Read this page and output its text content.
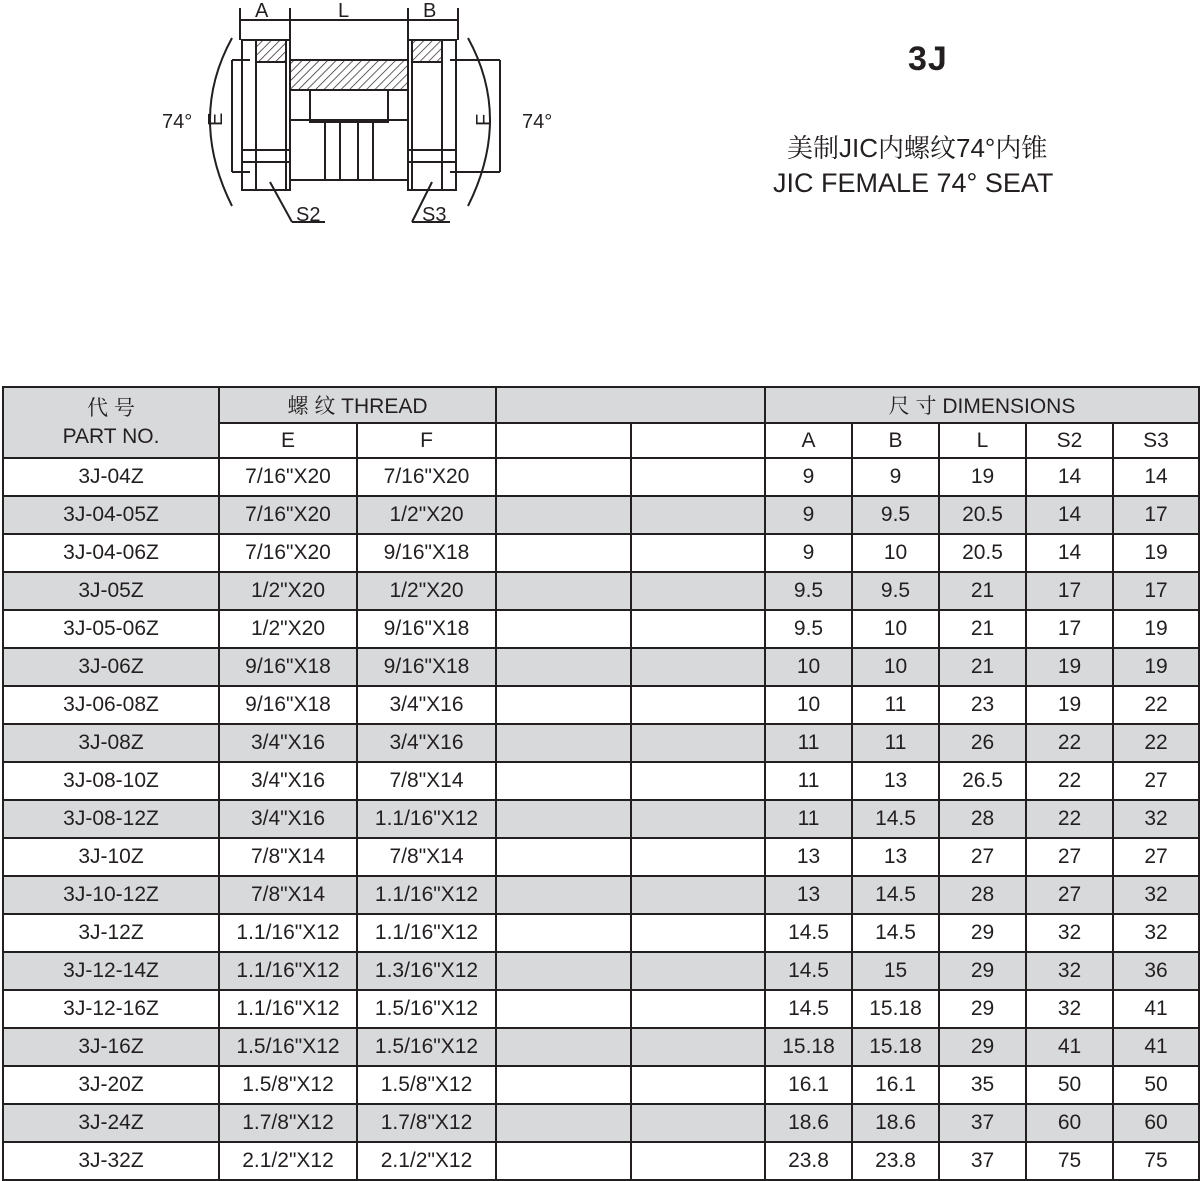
A	L	B
74°	74°
S2	S3
E	F
3J
美制JIC内螺纹74°内锥
JIC FEMALE 74° SEAT
代 号
PART NO.	螺 纹 THREAD				尺 寸 DIMENSIONS				
	E	F			A	B	L	S2	S3
3J-04Z	7/16"X20	7/16"X20			9	9	19	14	14
3J-04-05Z	7/16"X20	1/2"X20			9	9.5	20.5	14	17
3J-04-06Z	7/16"X20	9/16"X18			9	10	20.5	14	19
3J-05Z	1/2"X20	1/2"X20			9.5	9.5	21	17	17
3J-05-06Z	1/2"X20	9/16"X18			9.5	10	21	17	19
3J-06Z	9/16"X18	9/16"X18			10	10	21	19	19
3J-06-08Z	9/16"X18	3/4"X16			10	11	23	19	22
3J-08Z	3/4"X16	3/4"X16			11	11	26	22	22
3J-08-10Z	3/4"X16	7/8"X14			11	13	26.5	22	27
3J-08-12Z	3/4"X16	1.1/16"X12			11	14.5	28	22	32
3J-10Z	7/8"X14	7/8"X14			13	13	27	27	27
3J-10-12Z	7/8"X14	1.1/16"X12			13	14.5	28	27	32
3J-12Z	1.1/16"X12	1.1/16"X12			14.5	14.5	29	32	32
3J-12-14Z	1.1/16"X12	1.3/16"X12			14.5	15	29	32	36
3J-12-16Z	1.1/16"X12	1.5/16"X12			14.5	15.18	29	32	41
3J-16Z	1.5/16"X12	1.5/16"X12			15.18	15.18	29	41	41
3J-20Z	1.5/8"X12	1.5/8"X12			16.1	16.1	35	50	50
3J-24Z	1.7/8"X12	1.7/8"X12			18.6	18.6	37	60	60
3J-32Z	2.1/2"X12	2.1/2"X12			23.8	23.8	37	75	75
